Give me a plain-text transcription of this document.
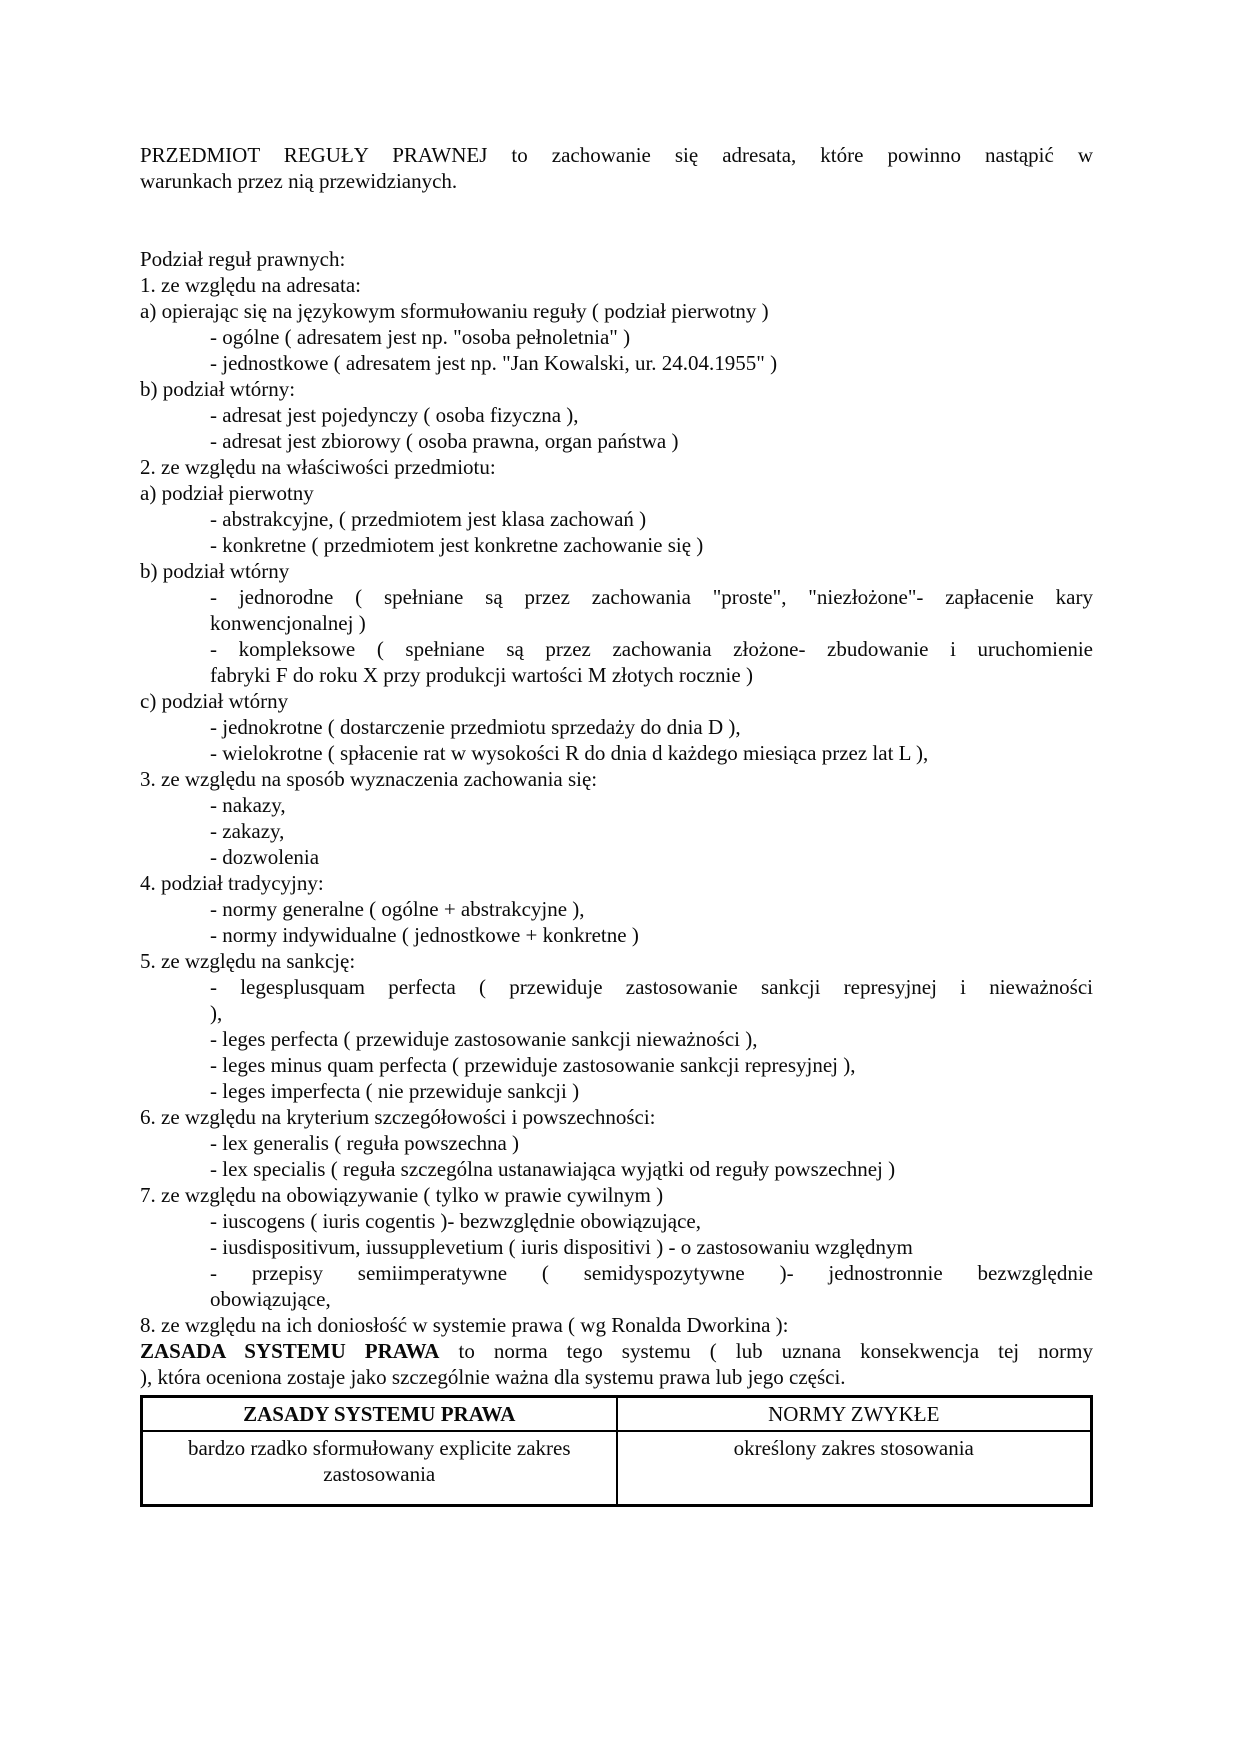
PRZEDMIOT REGUŁY PRAWNEJ to zachowanie się adresata, które powinno nastąpić w
warunkach przez nią przewidzianych.

Podział reguł prawnych:
1. ze względu na adresata:
a) opierając się na językowym sformułowaniu reguły ( podział pierwotny )
- ogólne ( adresatem jest np. "osoba pełnoletnia" )
- jednostkowe ( adresatem jest np. "Jan Kowalski, ur. 24.04.1955" )
b) podział wtórny:
- adresat jest pojedynczy ( osoba fizyczna ),
- adresat jest zbiorowy ( osoba prawna, organ państwa )
2. ze względu na właściwości przedmiotu:
a) podział pierwotny
- abstrakcyjne, ( przedmiotem jest klasa zachowań )
- konkretne ( przedmiotem jest konkretne zachowanie się )
b) podział wtórny
- jednorodne ( spełniane są przez zachowania "proste", "niezłożone"- zapłacenie kary
konwencjonalnej )
- kompleksowe ( spełniane są przez zachowania złożone- zbudowanie i uruchomienie
fabryki F do roku X przy produkcji wartości M złotych rocznie )
c) podział wtórny
- jednokrotne ( dostarczenie przedmiotu sprzedaży do dnia D ),
- wielokrotne ( spłacenie rat w wysokości R do dnia d każdego miesiąca przez lat L ),
3. ze względu na sposób wyznaczenia zachowania się:
- nakazy,
- zakazy,
- dozwolenia
4. podział tradycyjny:
- normy generalne ( ogólne + abstrakcyjne ),
- normy indywidualne ( jednostkowe + konkretne )
5. ze względu na sankcję:
- legesplusquam perfecta ( przewiduje zastosowanie sankcji represyjnej i nieważności
),
- leges perfecta ( przewiduje zastosowanie sankcji nieważności ),
- leges minus quam perfecta ( przewiduje zastosowanie sankcji represyjnej ),
- leges imperfecta ( nie przewiduje sankcji )
6. ze względu na kryterium szczegółowości i powszechności:
- lex generalis ( reguła powszechna )
- lex specialis ( reguła szczególna ustanawiająca wyjątki od reguły powszechnej )
7. ze względu na obowiązywanie ( tylko w prawie cywilnym )
- iuscogens ( iuris cogentis )- bezwzględnie obowiązujące,
- iusdispositivum, iussupplevetium ( iuris dispositivi ) - o zastosowaniu względnym
- przepisy semiimperatywne ( semidyspozytywne )- jednostronnie bezwzględnie
obowiązujące,
8. ze względu na ich doniosłość w systemie prawa ( wg Ronalda Dworkina ):
ZASADA SYSTEMU PRAWA to norma tego systemu ( lub uznana konsekwencja tej normy
), która oceniona zostaje jako szczególnie ważna dla systemu prawa lub jego części.
ZASADY SYSTEMU PRAWA	NORMY ZWYKŁE
bardzo rzadko sformułowany explicite zakres zastosowania	określony zakres stosowania
